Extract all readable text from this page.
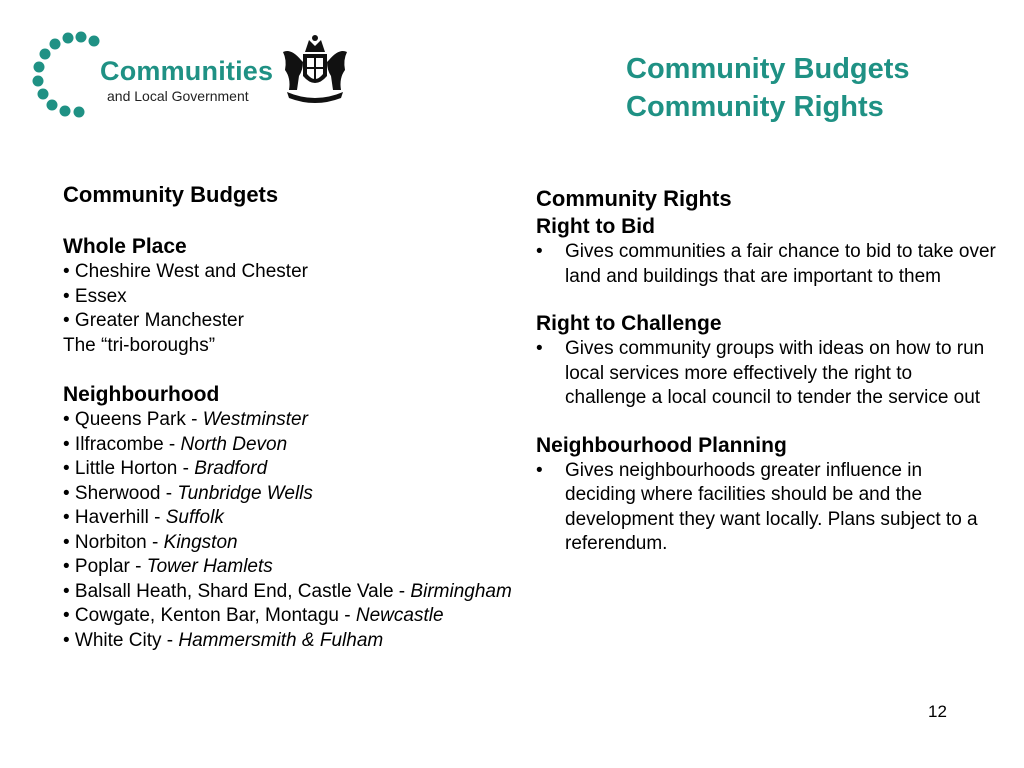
Communities
and Local Government
Community Budgets
Community Rights
Community Budgets
Whole Place
• Cheshire West and Chester
• Essex
• Greater Manchester
The “tri-boroughs”
Neighbourhood
• Queens Park - Westminster
• Ilfracombe - North Devon
• Little Horton - Bradford
• Sherwood - Tunbridge Wells
• Haverhill - Suffolk
• Norbiton - Kingston
• Poplar - Tower Hamlets
• Balsall Heath, Shard End, Castle Vale - Birmingham
• Cowgate, Kenton Bar, Montagu - Newcastle
• White City - Hammersmith & Fulham
Community Rights
Right to Bid
•	Gives communities a fair chance to bid to take over land and buildings that are important to them
Right to Challenge
•	Gives community groups with ideas on how to run local services more effectively the right to challenge a local council to tender the service out
Neighbourhood Planning
•	Gives neighbourhoods greater influence in deciding where facilities should be and the development they want locally. Plans subject to a referendum.
12
